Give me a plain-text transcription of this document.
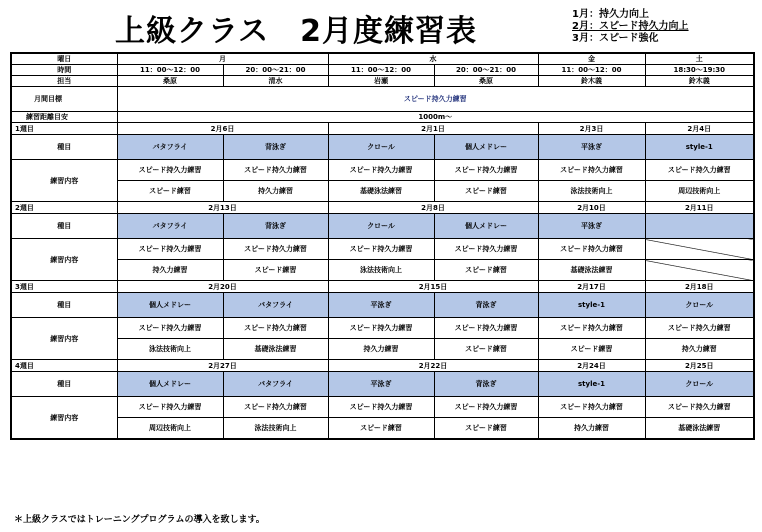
上級クラス　2月度練習表	1月：持久力向上
2月：スピード持久力向上
3月：スピード強化
曜日	月		水		金	土
時間	11：00～12：00	20：00～21：00	11：00～12：00	20：00～21：00	11：00～12：00	18:30～19:30
担当	桑原	清水	岩瀬	桑原	鈴木義	鈴木義
月間目標	スピード持久力練習					
練習距離目安	1000m～					
1週目	2月6日		2月1日		2月3日	2月4日
種目	バタフライ	背泳ぎ	クロール	個人メドレー	平泳ぎ	style-1
練習内容	スピード持久力練習	スピード持久力練習	スピード持久力練習	スピード持久力練習	スピード持久力練習	スピード持久力練習
	スピード練習	持久力練習	基礎泳法練習	スピード練習	泳法技術向上	周辺技術向上
2週目	2月13日		2月8日		2月10日	2月11日
種目	バタフライ	背泳ぎ	クロール	個人メドレー	平泳ぎ	
練習内容	スピード持久力練習	スピード持久力練習	スピード持久力練習	スピード持久力練習	スピード持久力練習	
	持久力練習	スピード練習	泳法技術向上	スピード練習	基礎泳法練習	
3週目	2月20日		2月15日		2月17日	2月18日
種目	個人メドレー	バタフライ	平泳ぎ	背泳ぎ	style-1	クロール
練習内容	スピード持久力練習	スピード持久力練習	スピード持久力練習	スピード持久力練習	スピード持久力練習	スピード持久力練習
	泳法技術向上	基礎泳法練習	持久力練習	スピード練習	スピード練習	持久力練習
4週目	2月27日		2月22日		2月24日	2月25日
種目	個人メドレー	バタフライ	平泳ぎ	背泳ぎ	style-1	クロール
練習内容	スピード持久力練習	スピード持久力練習	スピード持久力練習	スピード持久力練習	スピード持久力練習	スピード持久力練習
	周辺技術向上	泳法技術向上	スピード練習	スピード練習	持久力練習	基礎泳法練習
＊上級クラスではトレーニングプログラムの導入を致します。
